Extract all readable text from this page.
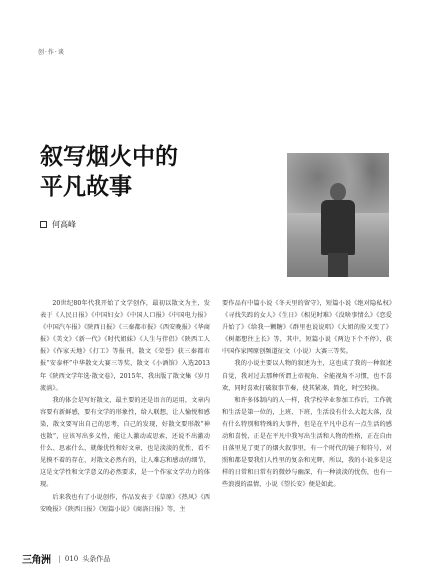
创·作·谈
叙写烟火中的
平凡故事
何高峰

20世纪80年代我开始了文学创作，最初以散文为主，发表于《人民日报》《中国妇女》《中国人口报》《中国电力报》《中国汽车报》《陕西日报》《三秦都市报》《西安晚报》《华商报》《美文》《新一代》《时代姐妹》《人生与伴侣》《陕西工人报》《作家天地》《打工》等报刊，散文《荣誉》获三秦都市报“安泰杯”中华散文大赛三等奖，散文《小酒馆》入选2013年《陕西文学年选·散文卷》，2015年，我出版了散文集《岁月流淌》。

我的体会是写好散文，最主要的还是语言的运用，文章内容要有新鲜感，要有文学的形象性，给人联想，让人愉悦和感染，散文要写出自己的思考，自己的发现，好散文要形散“神也散”，应该写出多义性，能让人激动或思索，还说不出激动什么、思索什么，就像优性和好文章，也是淡淡的优性，看不见摸不着的存在，对散文必然有的，让人难忘和感动的细节，这是文学性和文学意义的必然要求，是一个作家文学功力的体现。

后来我也有了小说创作，作品发表于《草原》《热风》《西安晚报》《陕西日报》《短篇小说》《商洛日报》等，主

要作品有中篇小说《冬天里的留守》，短篇小说《绝对隐私权》《寻找失踪的女人》《生日》《相见时难》《没啥事情么》《恋爱升始了》《给我一颗糖》《群里也说说唱》《大姐的脸又变了》《树都想往上长》等，其中，短篇小说《两边下个不停》，获中国作家网原创频道征文（小说）大赛三等奖。

我的小说主要以人物的叙述为主，这也成了我的一种叙述自觉，我对过去那种所谓上帝视角、全能视角不习惯，也不喜欢，同时喜欢打破叙事节奏，使其紧凑，简化，时空转换。

和许多体制内的人一样，我学校毕业参加工作后，工作就和生活是第一位的，上班、下班，生活没有什么大起大落，没有什么特别和特殊的大事件，但是在平凡中总有一点生活的感动和喜悦，正是在平凡中我写出生活和人物的性格，正在自由日落里见了更了的烟火叙事里，有一个时代的镜子和符号，对照和都是要我们人性里的复杂和光辉，所以，我的小说多是这样的日常和日常有的微妙与幽深，有一种淡淡的忧伤，也有一些浪漫的温情，小说《望长安》便是如此。

三角洲 | 010 头条作品
